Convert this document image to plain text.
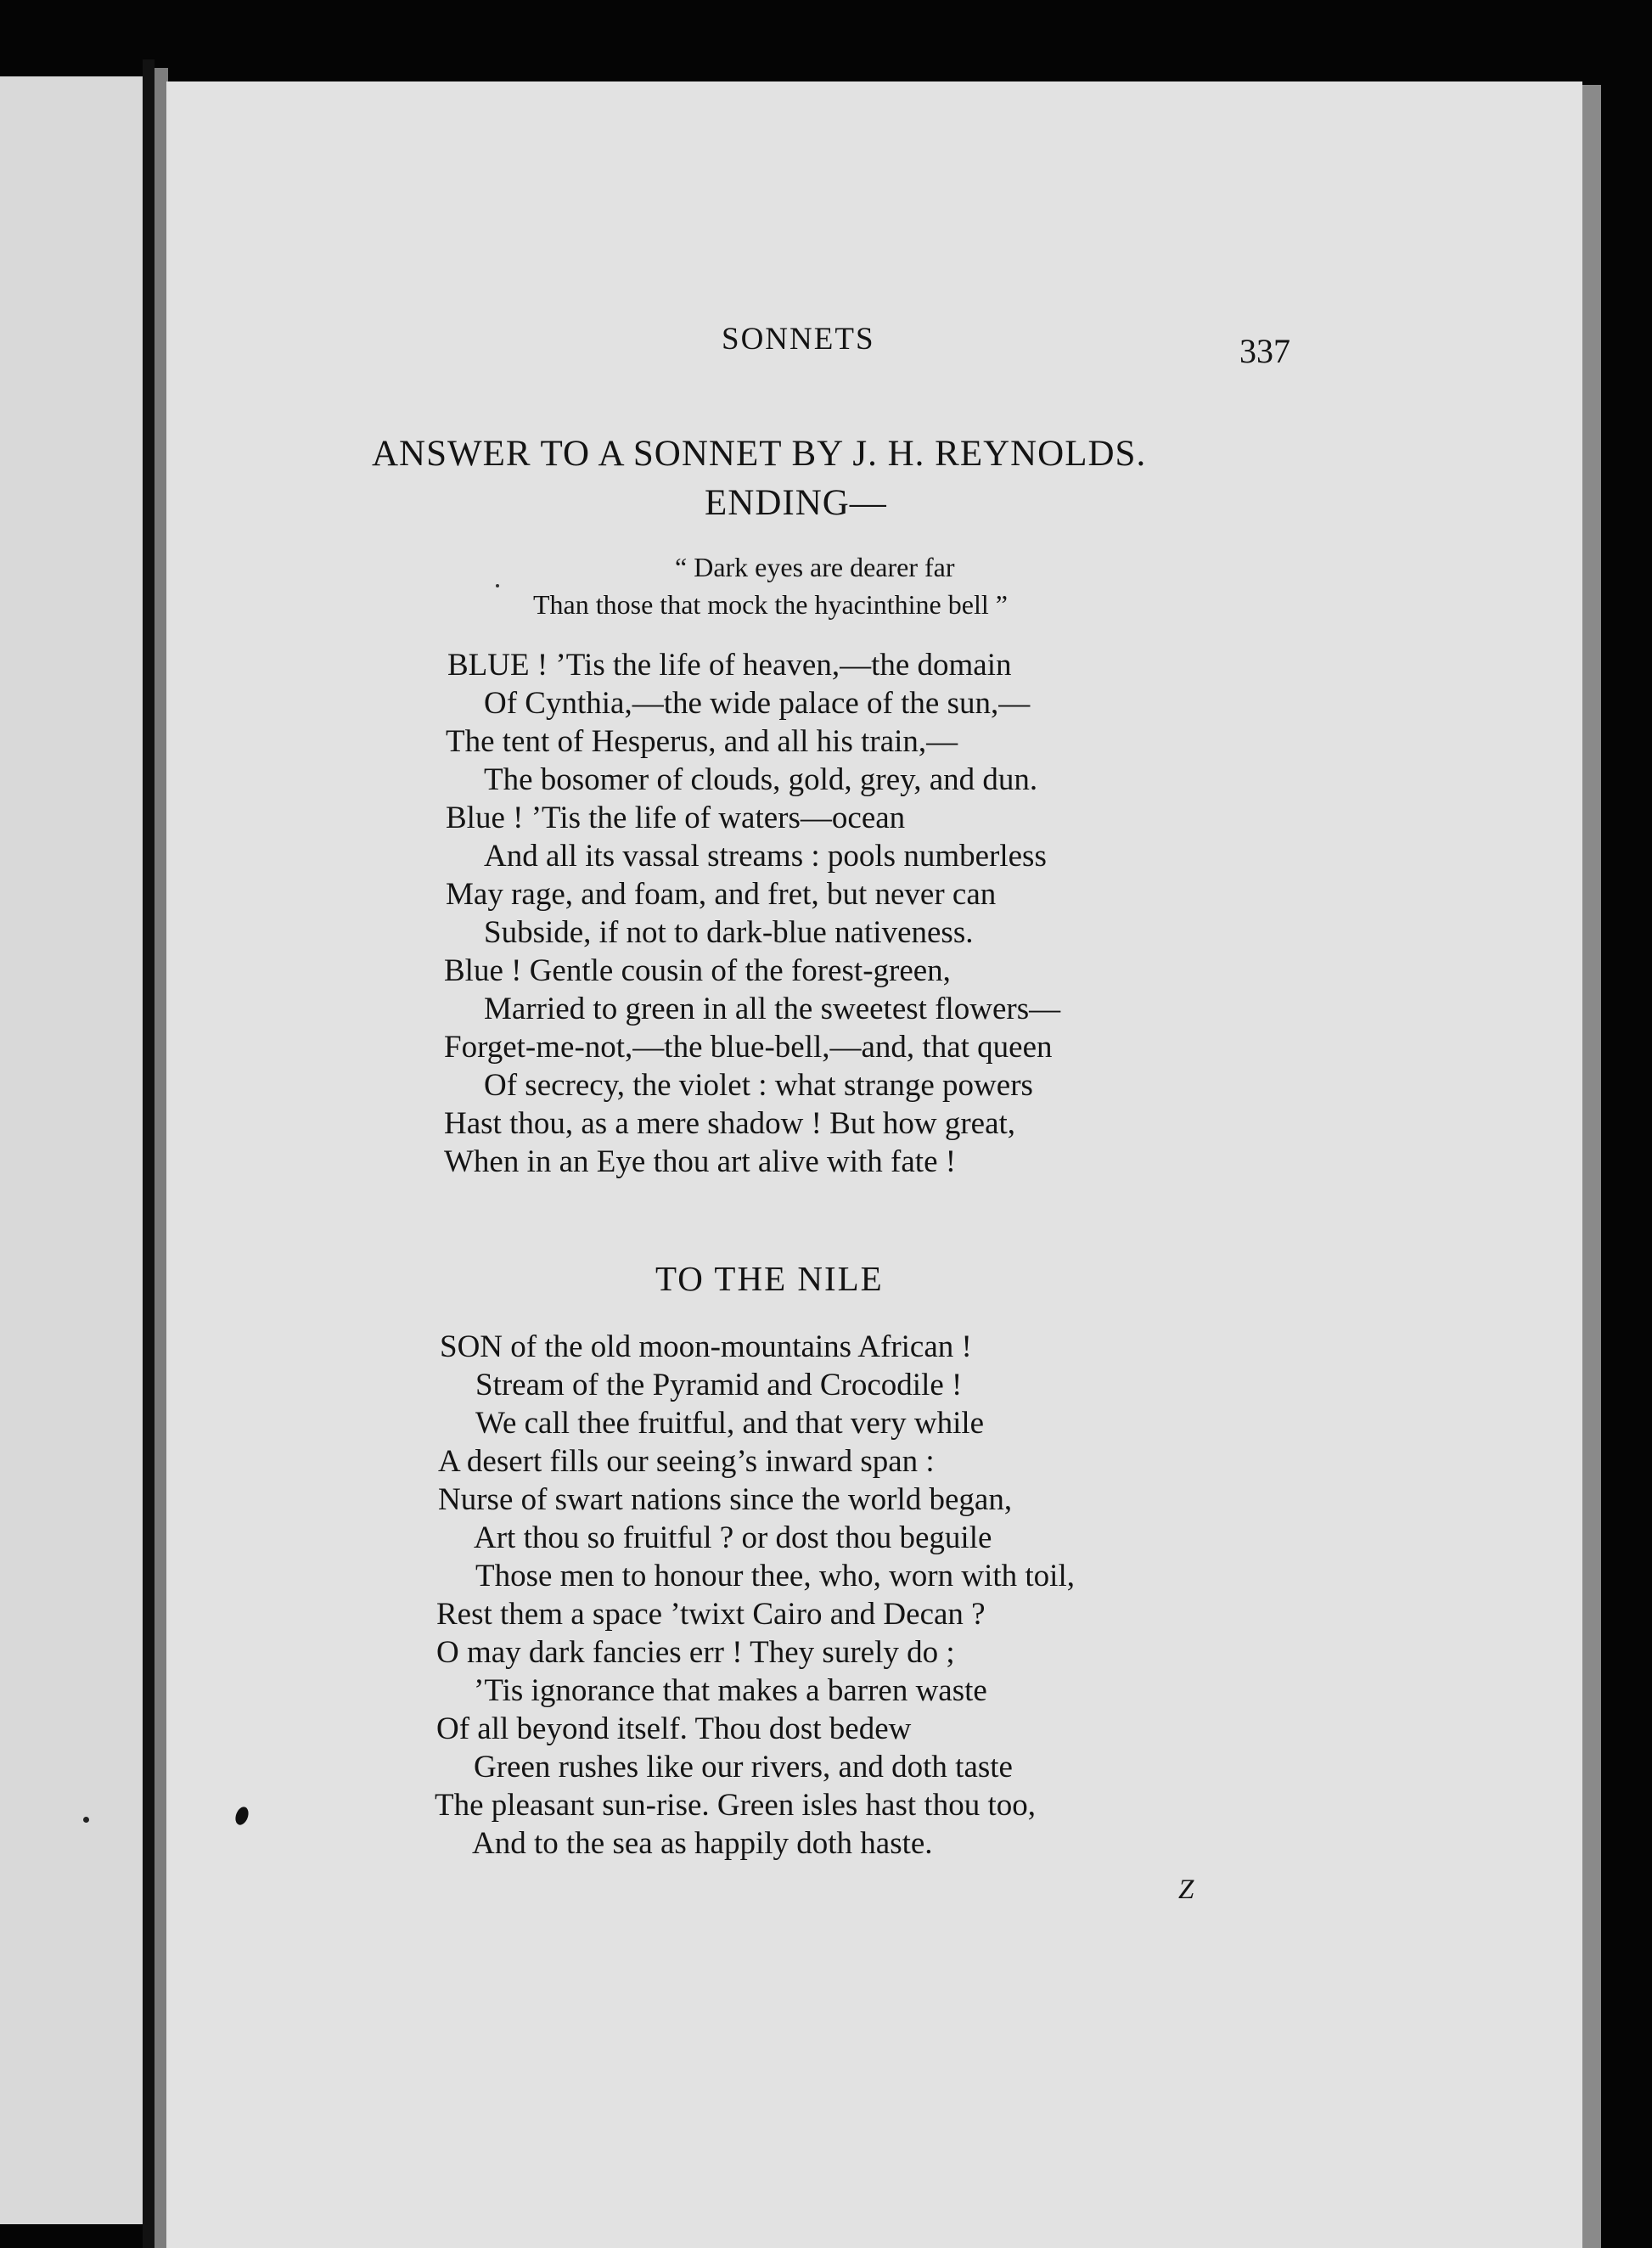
SONNETS	337
ANSWER TO A SONNET BY J. H. REYNOLDS.
ENDING—
“ Dark eyes are dearer far
Than those that mock the hyacinthine bell ”
BLUE ! ’Tis the life of heaven,—the domain
Of Cynthia,—the wide palace of the sun,—
The tent of Hesperus, and all his train,—
The bosomer of clouds, gold, grey, and dun.
Blue ! ’Tis the life of waters—ocean
And all its vassal streams : pools numberless
May rage, and foam, and fret, but never can
Subside, if not to dark-blue nativeness.
Blue ! Gentle cousin of the forest-green,
Married to green in all the sweetest flowers—
Forget-me-not,—the blue-bell,—and, that queen
Of secrecy, the violet : what strange powers
Hast thou, as a mere shadow ! But how great,
When in an Eye thou art alive with fate !
TO THE NILE
SON of the old moon-mountains African !
Stream of the Pyramid and Crocodile !
We call thee fruitful, and that very while
A desert fills our seeing’s inward span :
Nurse of swart nations since the world began,
Art thou so fruitful ? or dost thou beguile
Those men to honour thee, who, worn with toil,
Rest them a space ’twixt Cairo and Decan ?
O may dark fancies err ! They surely do ;
’Tis ignorance that makes a barren waste
Of all beyond itself. Thou dost bedew
Green rushes like our rivers, and doth taste
The pleasant sun-rise. Green isles hast thou too,
And to the sea as happily doth haste.
Z
